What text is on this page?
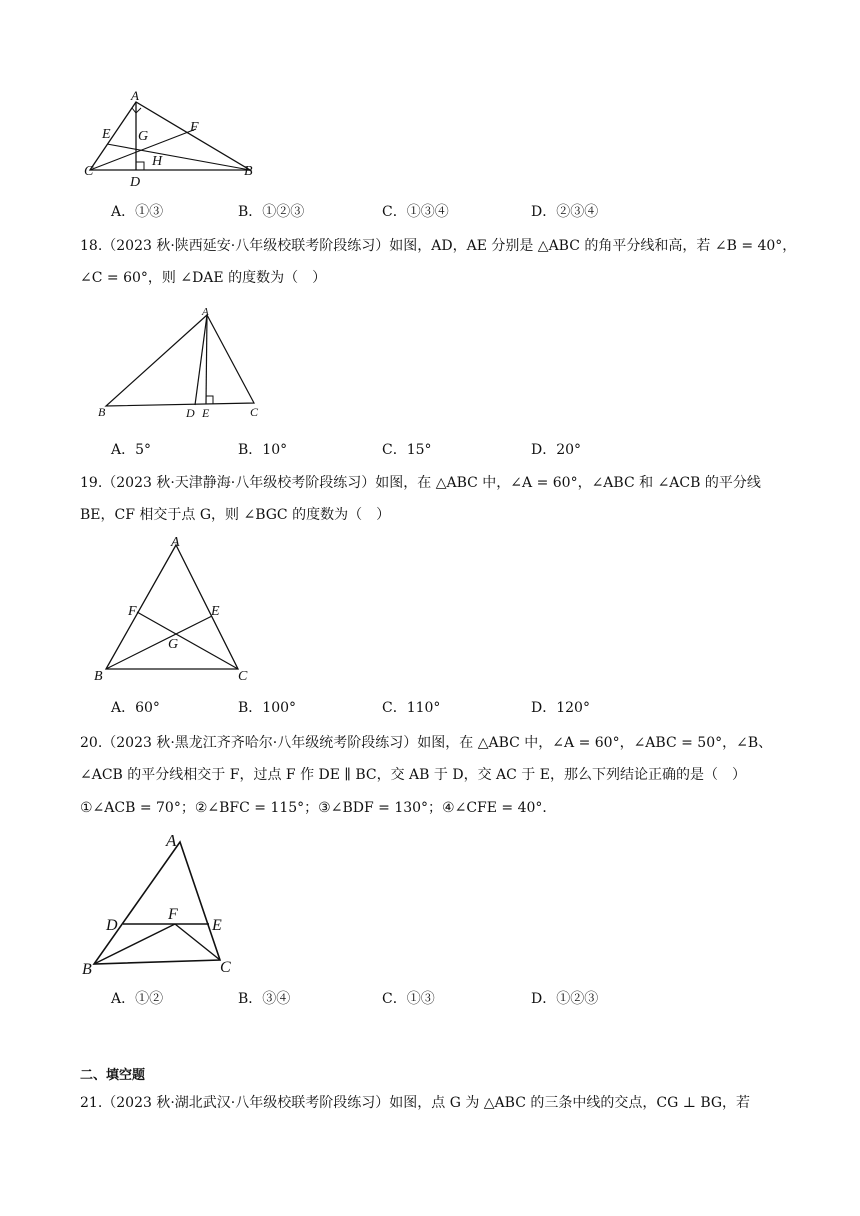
A
E G
F
H
C
D
B
A．①③	B．①②③	C．①③④	D．②③④
18.（2023 秋·陕西延安·八年级校联考阶段练习）如图，AD，AE 分别是 △ABC 的角平分线和高，若 ∠B = 40°，
∠C = 60°，则 ∠DAE 的度数为（　）
A
B	D E	C
A．5°	B．10°	C．15°	D．20°
19.（2023 秋·天津静海·八年级校考阶段练习）如图，在 △ABC 中，∠A = 60°，∠ABC 和 ∠ACB 的平分线
BE，CF 相交于点 G，则 ∠BGC 的度数为（　）
A
F	E
G
B	C
A．60°	B．100°	C．110°	D．120°
20.（2023 秋·黑龙江齐齐哈尔·八年级统考阶段练习）如图，在 △ABC 中，∠A = 60°，∠ABC = 50°，∠B、
∠ACB 的平分线相交于 F，过点 F 作 DE ∥ BC，交 AB 于 D，交 AC 于 E，那么下列结论正确的是（　）
①∠ACB = 70°；②∠BFC = 115°；③∠BDF = 130°；④∠CFE = 40°．
A
D
F
E
B	C
A．①②	B．③④	C．①③	D．①②③
二、填空题
21.（2023 秋·湖北武汉·八年级校联考阶段练习）如图，点 G 为 △ABC 的三条中线的交点，CG ⊥ BG，若
